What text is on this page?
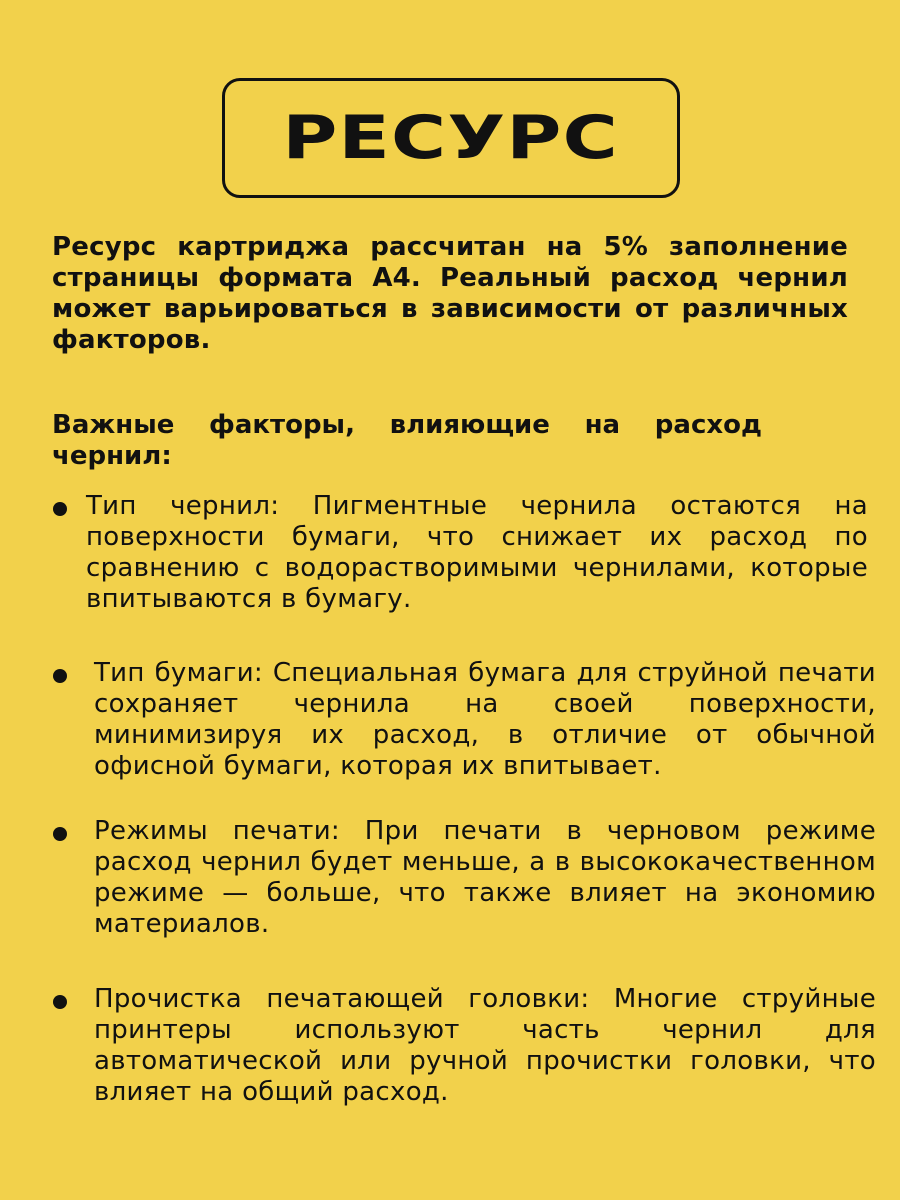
РЕСУРС

Ресурс картриджа рассчитан на 5% заполнение страницы формата А4. Реальный расход чернил может варьироваться в зависимости от различных факторов.

Важные факторы, влияющие на расход чернил:

Тип чернил: Пигментные чернила остаются на поверхности бумаги, что снижает их расход по сравнению с водорастворимыми чернилами, которые впитываются в бумагу.
Тип бумаги: Специальная бумага для струйной печати сохраняет чернила на своей поверхности, минимизируя их расход, в отличие от обычной офисной бумаги, которая их впитывает.
Режимы печати: При печати в черновом режиме расход чернил будет меньше, а в высококачественном режиме — больше, что также влияет на экономию материалов.
Прочистка печатающей головки: Многие струйные принтеры используют часть чернил для автоматической или ручной прочистки головки, что влияет на общий расход.
